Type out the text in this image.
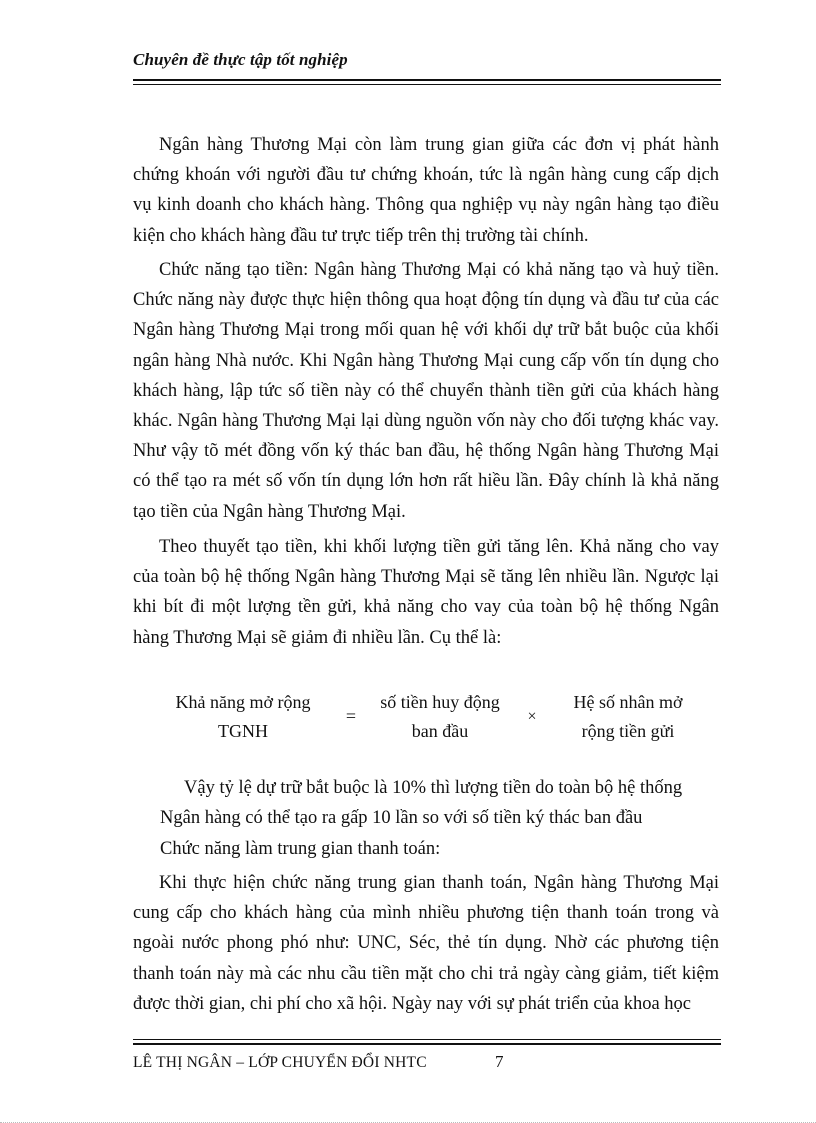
Chuyên đề thực tập tốt nghiệp

Ngân hàng Thương Mại còn làm trung gian giữa các đơn vị phát hành chứng khoán với người đầu tư chứng khoán, tức là ngân hàng cung cấp dịch vụ kinh doanh cho khách hàng. Thông qua nghiệp vụ này ngân hàng tạo điều kiện cho khách hàng đầu tư trực tiếp trên thị trường tài chính.

Chức năng tạo tiền: Ngân hàng Thương Mại có khả năng tạo và huỷ tiền. Chức năng này được thực hiện thông qua hoạt động tín dụng và đầu tư của các Ngân hàng Thương Mại trong mối quan hệ với khối dự trữ bắt buộc của khối ngân hàng Nhà nước. Khi Ngân hàng Thương Mại cung cấp vốn tín dụng cho khách hàng, lập tức số tiền này có thể chuyển thành tiền gửi của khách hàng khác. Ngân hàng Thương Mại lại dùng nguồn vốn này cho đối tượng khác vay. Như vậy tõ mét đồng vốn ký thác ban đầu, hệ thống Ngân hàng Thương Mại có thể tạo ra mét số vốn tín dụng lớn hơn rất hiều lần. Đây chính là khả năng tạo tiền của Ngân hàng Thương Mại.

Theo thuyết tạo tiền, khi khối lượng tiền gửi tăng lên. Khả năng cho vay của toàn bộ hệ thống Ngân hàng Thương Mại sẽ tăng lên nhiều lần. Ngược lại khi bít đi một lượng tền gửi, khả năng cho vay của toàn bộ hệ thống Ngân hàng Thương Mại sẽ giảm đi nhiều lần. Cụ thể là:

Khả năng mở rộng
TGNH
=
số tiền huy động
ban đầu
×
Hệ số nhân mở
rộng tiền gửi

Vậy tỷ lệ dự trữ bắt buộc là 10% thì lượng tiền do toàn bộ hệ thống

Ngân hàng có thể tạo ra gấp 10 lần so với số tiền ký thác ban đầu

Chức năng làm trung gian thanh toán:

Khi thực hiện chức năng trung gian thanh toán, Ngân hàng Thương Mại cung cấp cho khách hàng của mình nhiều phương tiện thanh toán trong và ngoài nước phong phó như: UNC, Séc, thẻ tín dụng. Nhờ các phương tiện thanh toán này mà các nhu cầu tiền mặt cho chi trả ngày càng giảm, tiết kiệm được thời gian, chi phí cho xã hội. Ngày nay với sự phát triển của khoa học

LÊ THỊ NGÂN – LỚP CHUYỂN ĐỔI NHTC	7
